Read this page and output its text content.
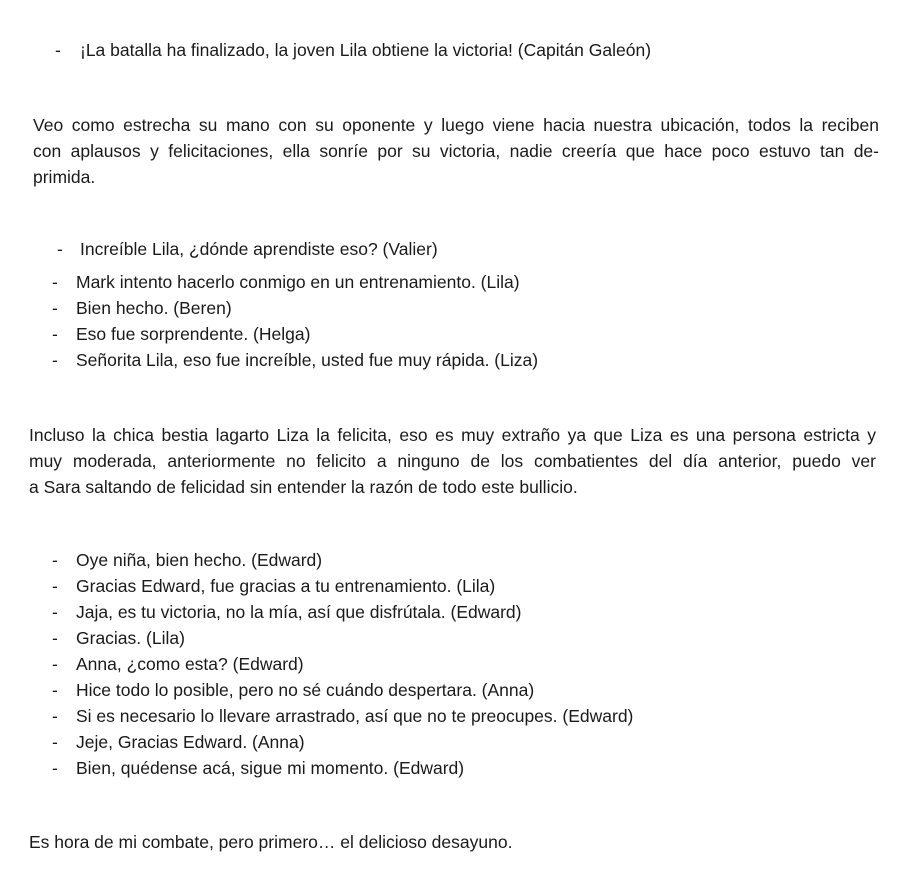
- ¡La batalla ha finalizado, la joven Lila obtiene la victoria! (Capitán Galeón)
Veo como estrecha su mano con su oponente y luego viene hacia nuestra ubicación, todos la reciben
con aplausos y felicitaciones, ella sonríe por su victoria, nadie creería que hace poco estuvo tan de-
primida.
- Increíble Lila, ¿dónde aprendiste eso? (Valier)
- Mark intento hacerlo conmigo en un entrenamiento. (Lila)
- Bien hecho. (Beren)
- Eso fue sorprendente. (Helga)
- Señorita Lila, eso fue increíble, usted fue muy rápida. (Liza)
Incluso la chica bestia lagarto Liza la felicita, eso es muy extraño ya que Liza es una persona estricta y
muy moderada, anteriormente no felicito a ninguno de los combatientes del día anterior, puedo ver
a Sara saltando de felicidad sin entender la razón de todo este bullicio.
- Oye niña, bien hecho. (Edward)
- Gracias Edward, fue gracias a tu entrenamiento. (Lila)
- Jaja, es tu victoria, no la mía, así que disfrútala. (Edward)
- Gracias. (Lila)
- Anna, ¿como esta? (Edward)
- Hice todo lo posible, pero no sé cuándo despertara. (Anna)
- Si es necesario lo llevare arrastrado, así que no te preocupes. (Edward)
- Jeje, Gracias Edward. (Anna)
- Bien, quédense acá, sigue mi momento. (Edward)
Es hora de mi combate, pero primero… el delicioso desayuno.
